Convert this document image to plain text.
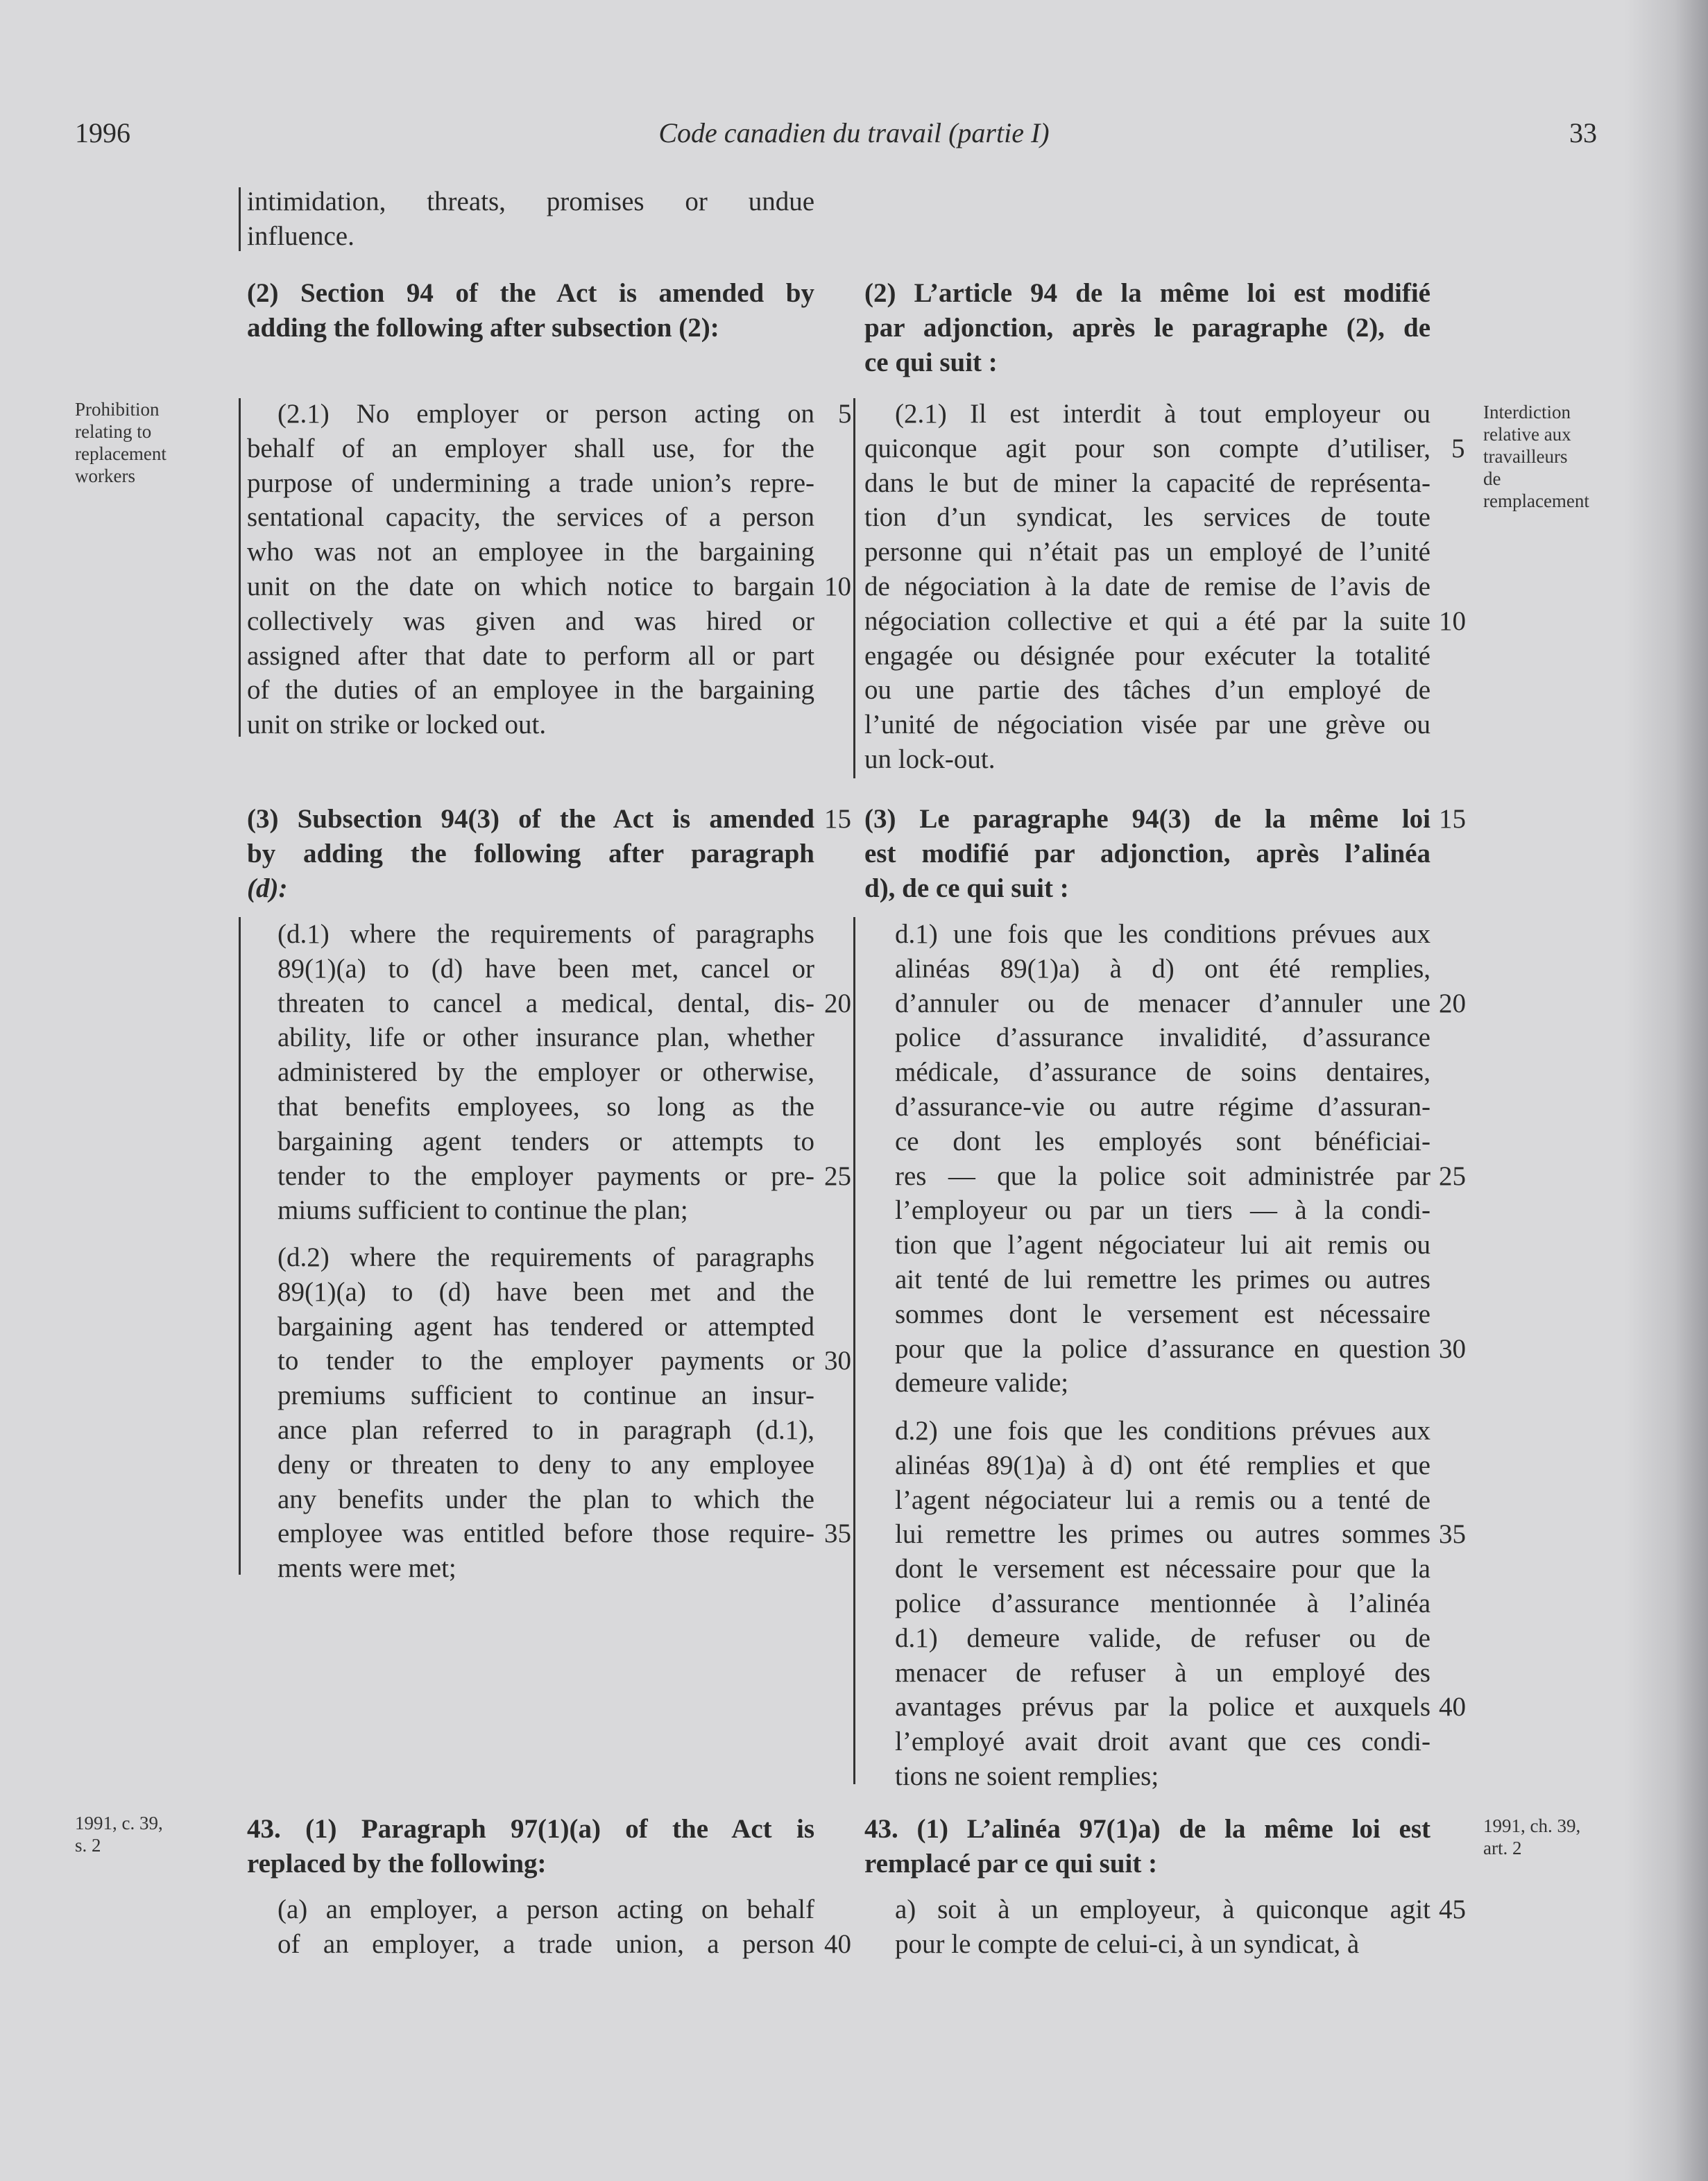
1996	Code canadien du travail (partie I)	33
Prohibition
relating to
replacement
workers
Interdiction
relative aux
travailleurs
de
remplacement
1991, c. 39,
s. 2
1991, ch. 39,
art. 2

intimidation, threats, promises or undue

influence.

(2) Section 94 of the Act is amended by

adding the following after subsection (2):

(2.1) No employer or person acting on

behalf of an employer shall use, for the

purpose of undermining a trade union’s repre-

sentational capacity, the services of a person

who was not an employee in the bargaining

unit on the date on which notice to bargain

collectively was given and was hired or

assigned after that date to perform all or part

of the duties of an employee in the bargaining

unit on strike or locked out.

(3) Subsection 94(3) of the Act is amended

by adding the following after paragraph

(d):

(d.1) where the requirements of paragraphs

89(1)(a) to (d) have been met, cancel or

threaten to cancel a medical, dental, dis-

ability, life or other insurance plan, whether

administered by the employer or otherwise,

that benefits employees, so long as the

bargaining agent tenders or attempts to

tender to the employer payments or pre-

miums sufficient to continue the plan;

(d.2) where the requirements of paragraphs

89(1)(a) to (d) have been met and the

bargaining agent has tendered or attempted

to tender to the employer payments or

premiums sufficient to continue an insur-

ance plan referred to in paragraph (d.1),

deny or threaten to deny to any employee

any benefits under the plan to which the

employee was entitled before those require-

ments were met;

43. (1) Paragraph 97(1)(a) of the Act is

replaced by the following:

(a) an employer, a person acting on behalf

of an employer, a trade union, a person

5
10
15
20
25
30
35
40

(2) L’article 94 de la même loi est modifié

par adjonction, après le paragraphe (2), de

ce qui suit :

(2.1) Il est interdit à tout employeur ou

quiconque agit pour son compte d’utiliser,

dans le but de miner la capacité de représenta-

tion d’un syndicat, les services de toute

personne qui n’était pas un employé de l’unité

de négociation à la date de remise de l’avis de

négociation collective et qui a été par la suite

engagée ou désignée pour exécuter la totalité

ou une partie des tâches d’un employé de

l’unité de négociation visée par une grève ou

un lock-out.

(3) Le paragraphe 94(3) de la même loi

est modifié par adjonction, après l’alinéa

d), de ce qui suit :

d.1) une fois que les conditions prévues aux

alinéas 89(1)a) à d) ont été remplies,

d’annuler ou de menacer d’annuler une

police d’assurance invalidité, d’assurance

médicale, d’assurance de soins dentaires,

d’assurance-vie ou autre régime d’assuran-

ce dont les employés sont bénéficiai-

res — que la police soit administrée par

l’employeur ou par un tiers — à la condi-

tion que l’agent négociateur lui ait remis ou

ait tenté de lui remettre les primes ou autres

sommes dont le versement est nécessaire

pour que la police d’assurance en question

demeure valide;

d.2) une fois que les conditions prévues aux

alinéas 89(1)a) à d) ont été remplies et que

l’agent négociateur lui a remis ou a tenté de

lui remettre les primes ou autres sommes

dont le versement est nécessaire pour que la

police d’assurance mentionnée à l’alinéa

d.1) demeure valide, de refuser ou de

menacer de refuser à un employé des

avantages prévus par la police et auxquels

l’employé avait droit avant que ces condi-

tions ne soient remplies;

43. (1) L’alinéa 97(1)a) de la même loi est

remplacé par ce qui suit :

a) soit à un employeur, à quiconque agit

pour le compte de celui-ci, à un syndicat, à

5
10
15
20
25
30
35
40
45
